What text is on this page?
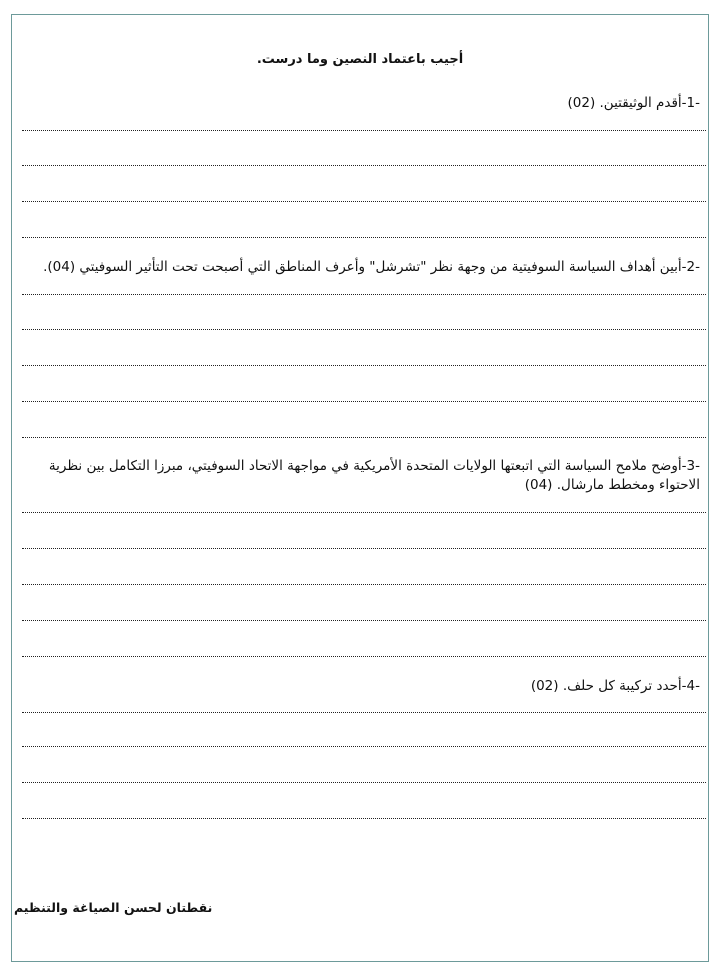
أجيب باعتماد النصين وما درست.
-1-أقدم الوثيقتين. (02)
-2-أبين أهداف السياسة السوفيتية من وجهة نظر "تشرشل" وأعرف المناطق التي أصبحت تحت التأثير السوفيتي (04).
-3-أوضح ملامح السياسة التي اتبعتها الولايات المتحدة الأمريكية في مواجهة الاتحاد السوفيتي، مبرزا التكامل بين نظرية
الاحتواء ومخطط مارشال. (04)
-4-أحدد تركيبة كل حلف. (02)
نقطتان لحسن الصياغة والتنظيم
